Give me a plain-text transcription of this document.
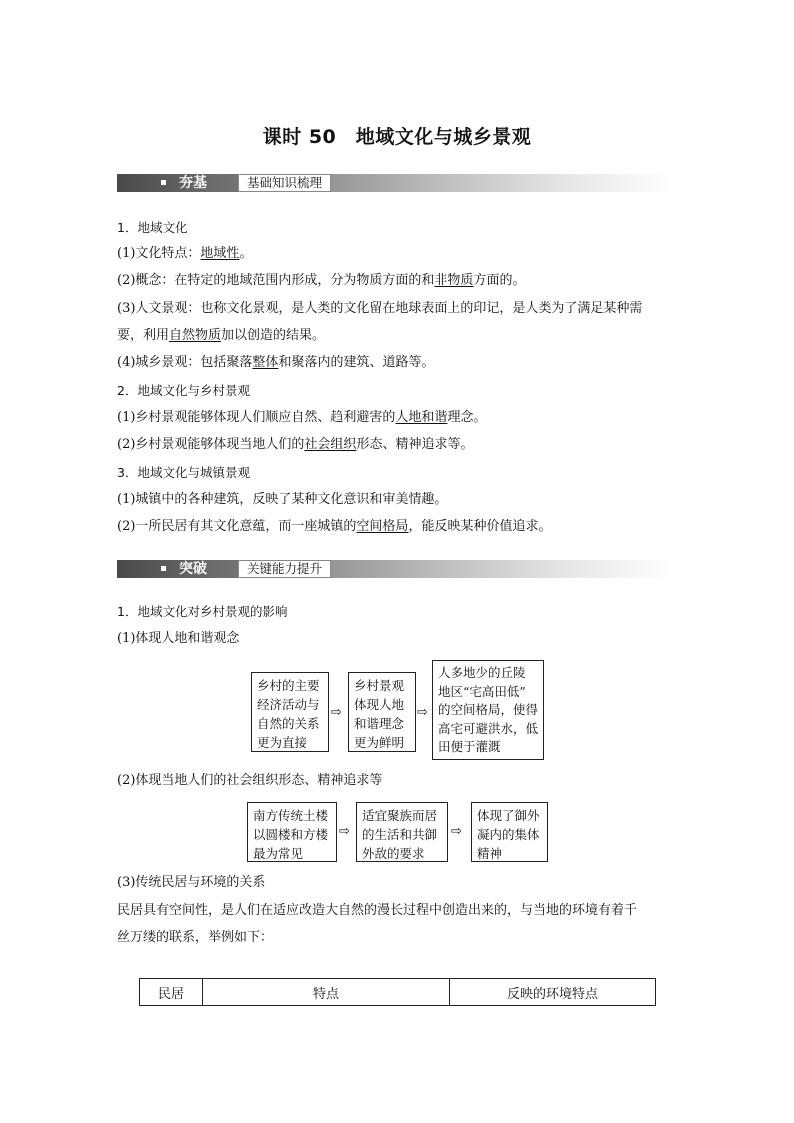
课时 50　地域文化与城乡景观
夯基	基础知识梳理
1．地域文化
(1)文化特点：地域性。
(2)概念：在特定的地域范围内形成，分为物质方面的和非物质方面的。
(3)人文景观：也称文化景观，是人类的文化留在地球表面上的印记，是人类为了满足某种需
要，利用自然物质加以创造的结果。
(4)城乡景观：包括聚落整体和聚落内的建筑、道路等。
2．地域文化与乡村景观
(1)乡村景观能够体现人们顺应自然、趋利避害的人地和谐理念。
(2)乡村景观能够体现当地人们的社会组织形态、精神追求等。
3．地域文化与城镇景观
(1)城镇中的各种建筑，反映了某种文化意识和审美情趣。
(2)一所民居有其文化意蕴，而一座城镇的空间格局，能反映某种价值追求。
突破	关键能力提升
1．地域文化对乡村景观的影响
(1)体现人地和谐观念
乡村的主要
经济活动与
自然的关系
更为直接
⇨
乡村景观
体现人地
和谐理念
更为鲜明
⇨
人多地少的丘陵
地区“宅高田低”
的空间格局，使得
高宅可避洪水，低
田便于灌溉
(2)体现当地人们的社会组织形态、精神追求等
南方传统土楼
以圆楼和方楼
最为常见
⇨
适宜聚族而居
的生活和共御
外敌的要求
⇨
体现了御外
凝内的集体
精神
(3)传统民居与环境的关系
民居具有空间性，是人们在适应改造大自然的漫长过程中创造出来的，与当地的环境有着千
丝万缕的联系，举例如下：
民居	特点	反映的环境特点
